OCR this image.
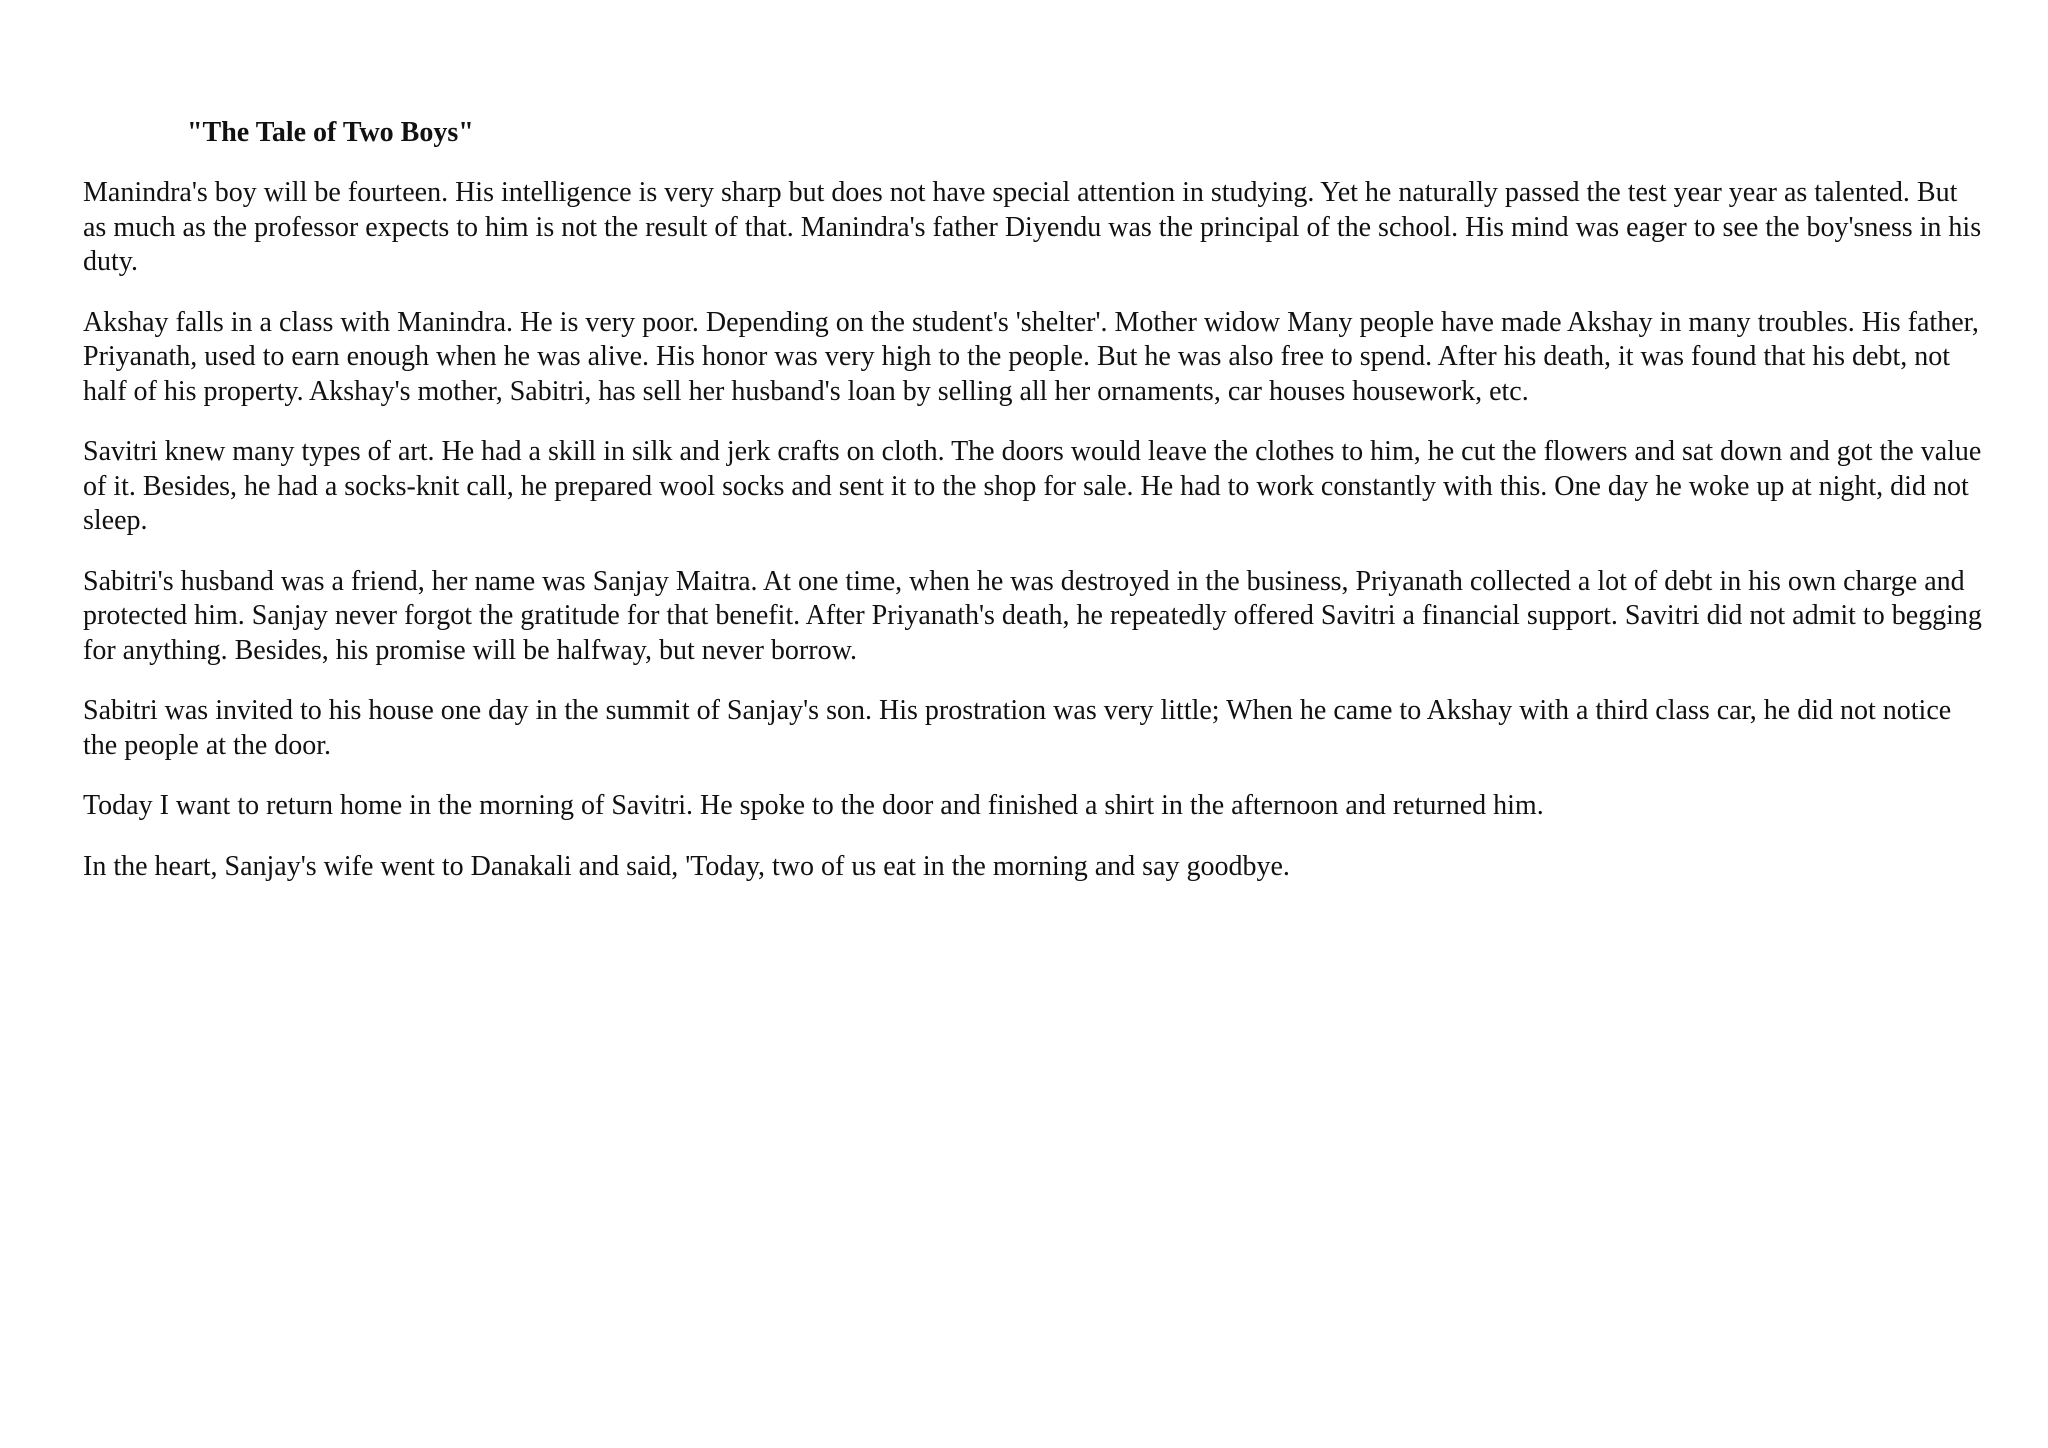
"The Tale of Two Boys"

Manindra's boy will be fourteen. His intelligence is very sharp but does not have special attention in studying. Yet he naturally passed the test year year as talented. But as much as the professor expects to him is not the result of that. Manindra's father Diyendu was the principal of the school. His mind was eager to see the boy'sness in his duty.

Akshay falls in a class with Manindra. He is very poor. Depending on the student's 'shelter'. Mother widow Many people have made Akshay in many troubles. His father, Priyanath, used to earn enough when he was alive. His honor was very high to the people. But he was also free to spend. After his death, it was found that his debt, not half of his property. Akshay's mother, Sabitri, has sell her husband's loan by selling all her ornaments, car houses housework, etc.

Savitri knew many types of art. He had a skill in silk and jerk crafts on cloth. The doors would leave the clothes to him, he cut the flowers and sat down and got the value of it. Besides, he had a socks-knit call, he prepared wool socks and sent it to the shop for sale. He had to work constantly with this. One day he woke up at night, did not sleep.

Sabitri's husband was a friend, her name was Sanjay Maitra. At one time, when he was destroyed in the business, Priyanath collected a lot of debt in his own charge and protected him. Sanjay never forgot the gratitude for that benefit. After Priyanath's death, he repeatedly offered Savitri a financial support. Savitri did not admit to begging for anything. Besides, his promise will be halfway, but never borrow.

Sabitri was invited to his house one day in the summit of Sanjay's son. His prostration was very little; When he came to Akshay with a third class car, he did not notice the people at the door.

Today I want to return home in the morning of Savitri. He spoke to the door and finished a shirt in the afternoon and returned him.

In the heart, Sanjay's wife went to Danakali and said, 'Today, two of us eat in the morning and say goodbye.
